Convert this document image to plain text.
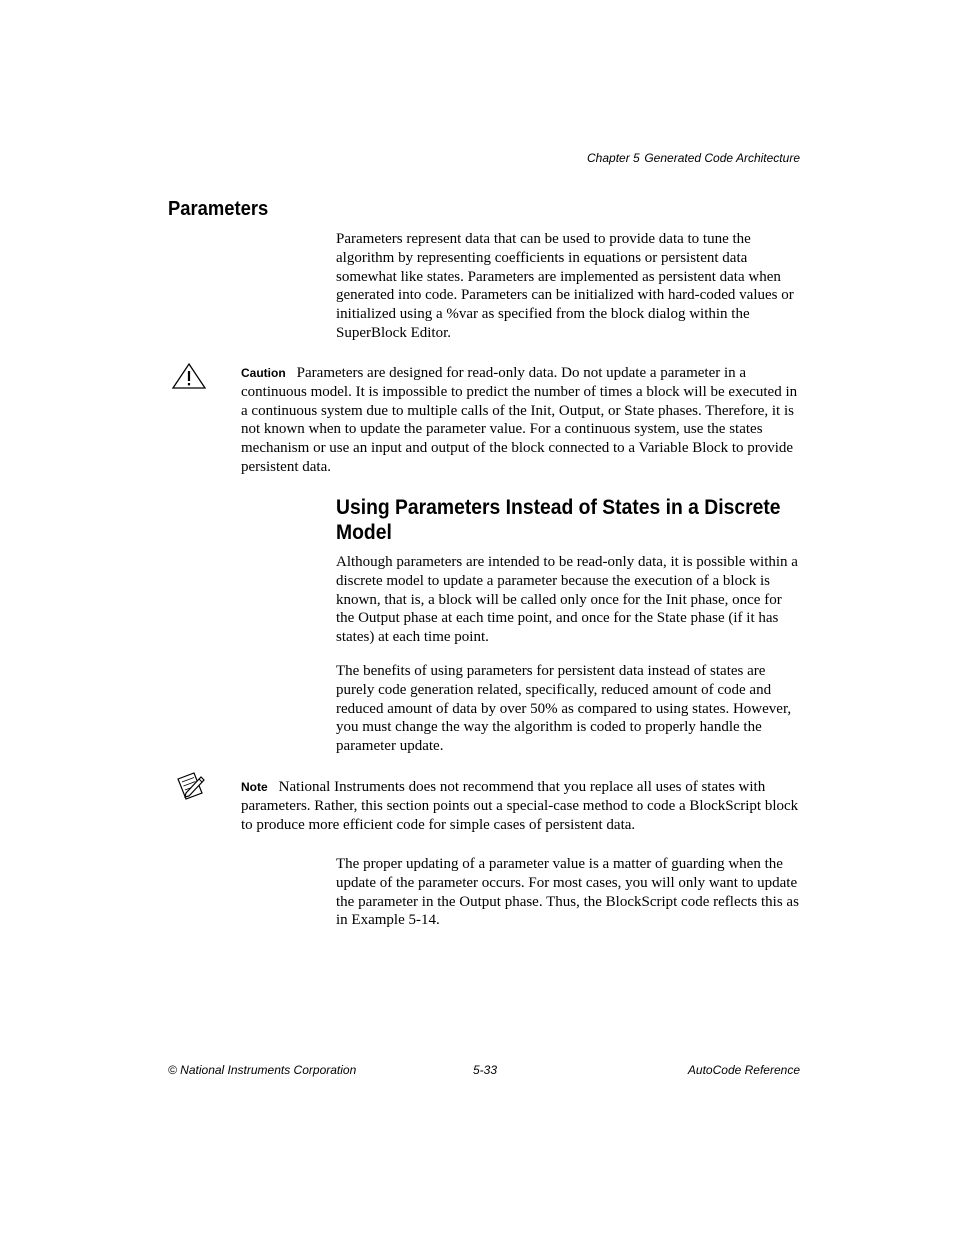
Chapter 5 Generated Code Architecture
Parameters

Parameters represent data that can be used to provide data to tune the algorithm by representing coefficients in equations or persistent data somewhat like states. Parameters are implemented as persistent data when generated into code. Parameters can be initialized with hard-coded values or initialized using a %var as specified from the block dialog within the SuperBlock Editor.

Caution Parameters are designed for read-only data. Do not update a parameter in a continuous model. It is impossible to predict the number of times a block will be executed in a continuous system due to multiple calls of the Init, Output, or State phases. Therefore, it is not known when to update the parameter value. For a continuous system, use the states mechanism or use an input and output of the block connected to a Variable Block to provide persistent data.

Using Parameters Instead of States in a Discrete Model

Although parameters are intended to be read-only data, it is possible within a discrete model to update a parameter because the execution of a block is known, that is, a block will be called only once for the Init phase, once for the Output phase at each time point, and once for the State phase (if it has states) at each time point.

The benefits of using parameters for persistent data instead of states are purely code generation related, specifically, reduced amount of code and reduced amount of data by over 50% as compared to using states. However, you must change the way the algorithm is coded to properly handle the parameter update.

Note National Instruments does not recommend that you replace all uses of states with parameters. Rather, this section points out a special-case method to code a BlockScript block to produce more efficient code for simple cases of persistent data.

The proper updating of a parameter value is a matter of guarding when the update of the parameter occurs. For most cases, you will only want to update the parameter in the Output phase. Thus, the BlockScript code reflects this as in Example 5-14.

© National Instruments Corporation	5-33	AutoCode Reference
